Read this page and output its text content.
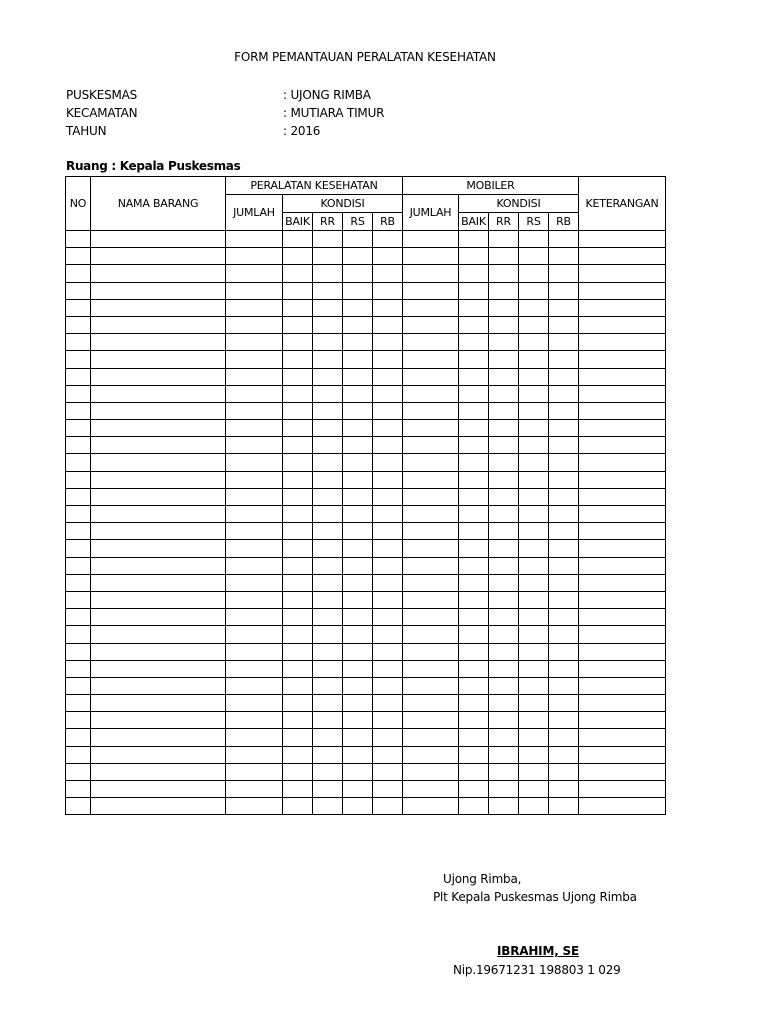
FORM PEMANTAUAN PERALATAN KESEHATAN
PUSKESMAS	: UJONG RIMBA
KECAMATAN	: MUTIARA TIMUR
TAHUN	: 2016
Ruang : Kepala Puskesmas
NO	NAMA BARANG	PERALATAN KESEHATAN					MOBILER					KETERANGAN
		JUMLAH	KONDISI				JUMLAH	KONDISI				
			BAIK	RR	RS	RB		BAIK	RR	RS	RB	

Ujong Rimba,
Plt Kepala Puskesmas Ujong Rimba
IBRAHIM, SE
Nip.19671231 198803 1 029
